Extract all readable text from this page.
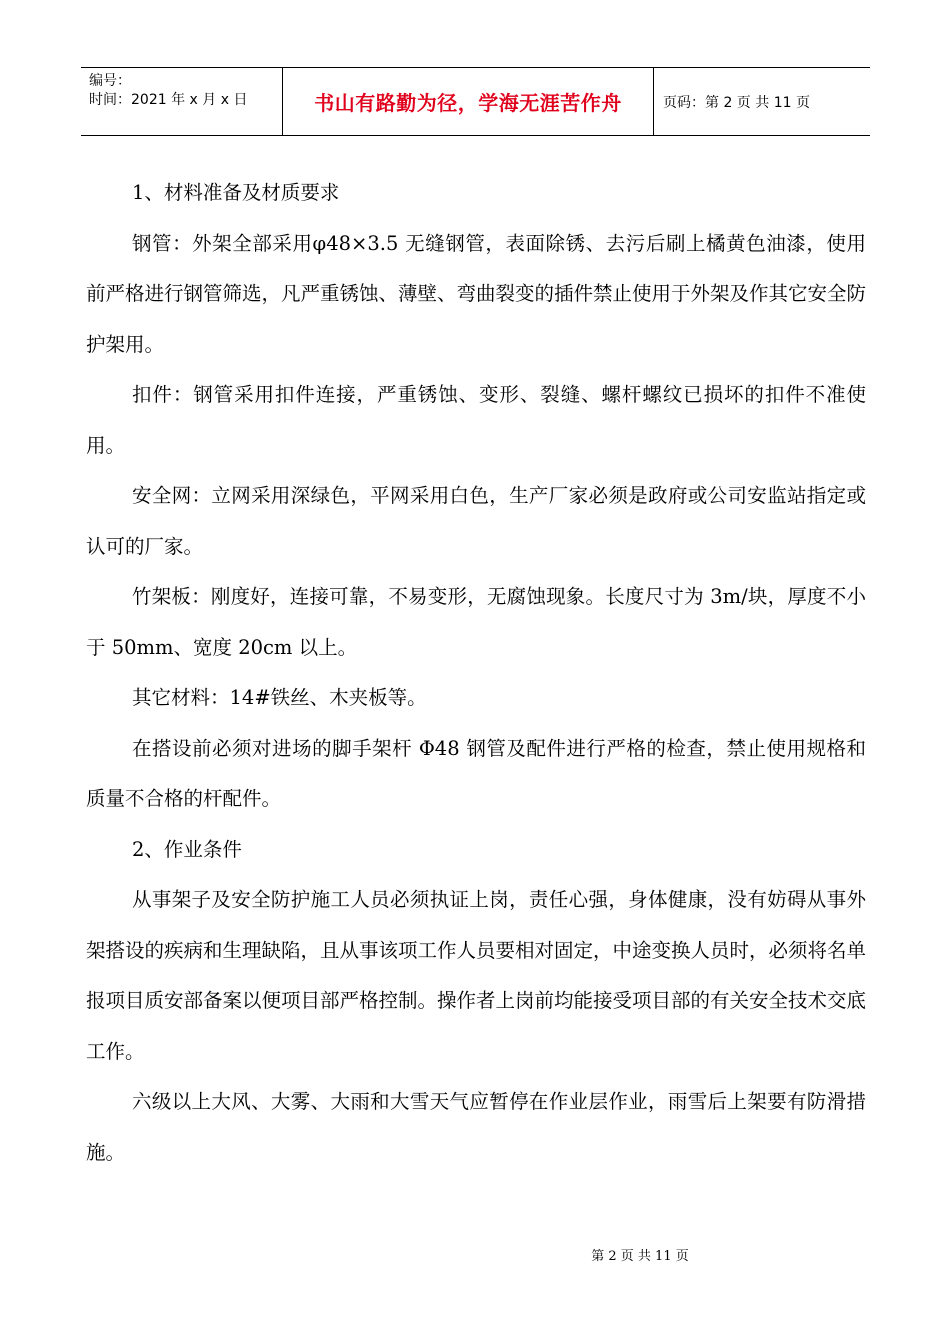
编号：
时间：2021 年 x 月 x 日	书山有路勤为径，学海无涯苦作舟	页码：第 2 页 共 11 页

1、材料准备及材质要求

钢管：外架全部采用φ48×3.5 无缝钢管，表面除锈、去污后刷上橘黄色油漆，使用前严格进行钢管筛选，凡严重锈蚀、薄壁、弯曲裂变的插件禁止使用于外架及作其它安全防护架用。

扣件：钢管采用扣件连接，严重锈蚀、变形、裂缝、螺杆螺纹已损坏的扣件不准使用。

安全网：立网采用深绿色，平网采用白色，生产厂家必须是政府或公司安监站指定或认可的厂家。

竹架板：刚度好，连接可靠，不易变形，无腐蚀现象。长度尺寸为 3m/块，厚度不小于 50mm、宽度 20cm 以上。

其它材料：14#铁丝、木夹板等。

在搭设前必须对进场的脚手架杆 Φ48 钢管及配件进行严格的检查，禁止使用规格和质量不合格的杆配件。

2、作业条件

从事架子及安全防护施工人员必须执证上岗，责任心强，身体健康，没有妨碍从事外架搭设的疾病和生理缺陷，且从事该项工作人员要相对固定，中途变换人员时，必须将名单报项目质安部备案以便项目部严格控制。操作者上岗前均能接受项目部的有关安全技术交底工作。

六级以上大风、大雾、大雨和大雪天气应暂停在作业层作业，雨雪后上架要有防滑措施。

第 2 页 共 11 页
